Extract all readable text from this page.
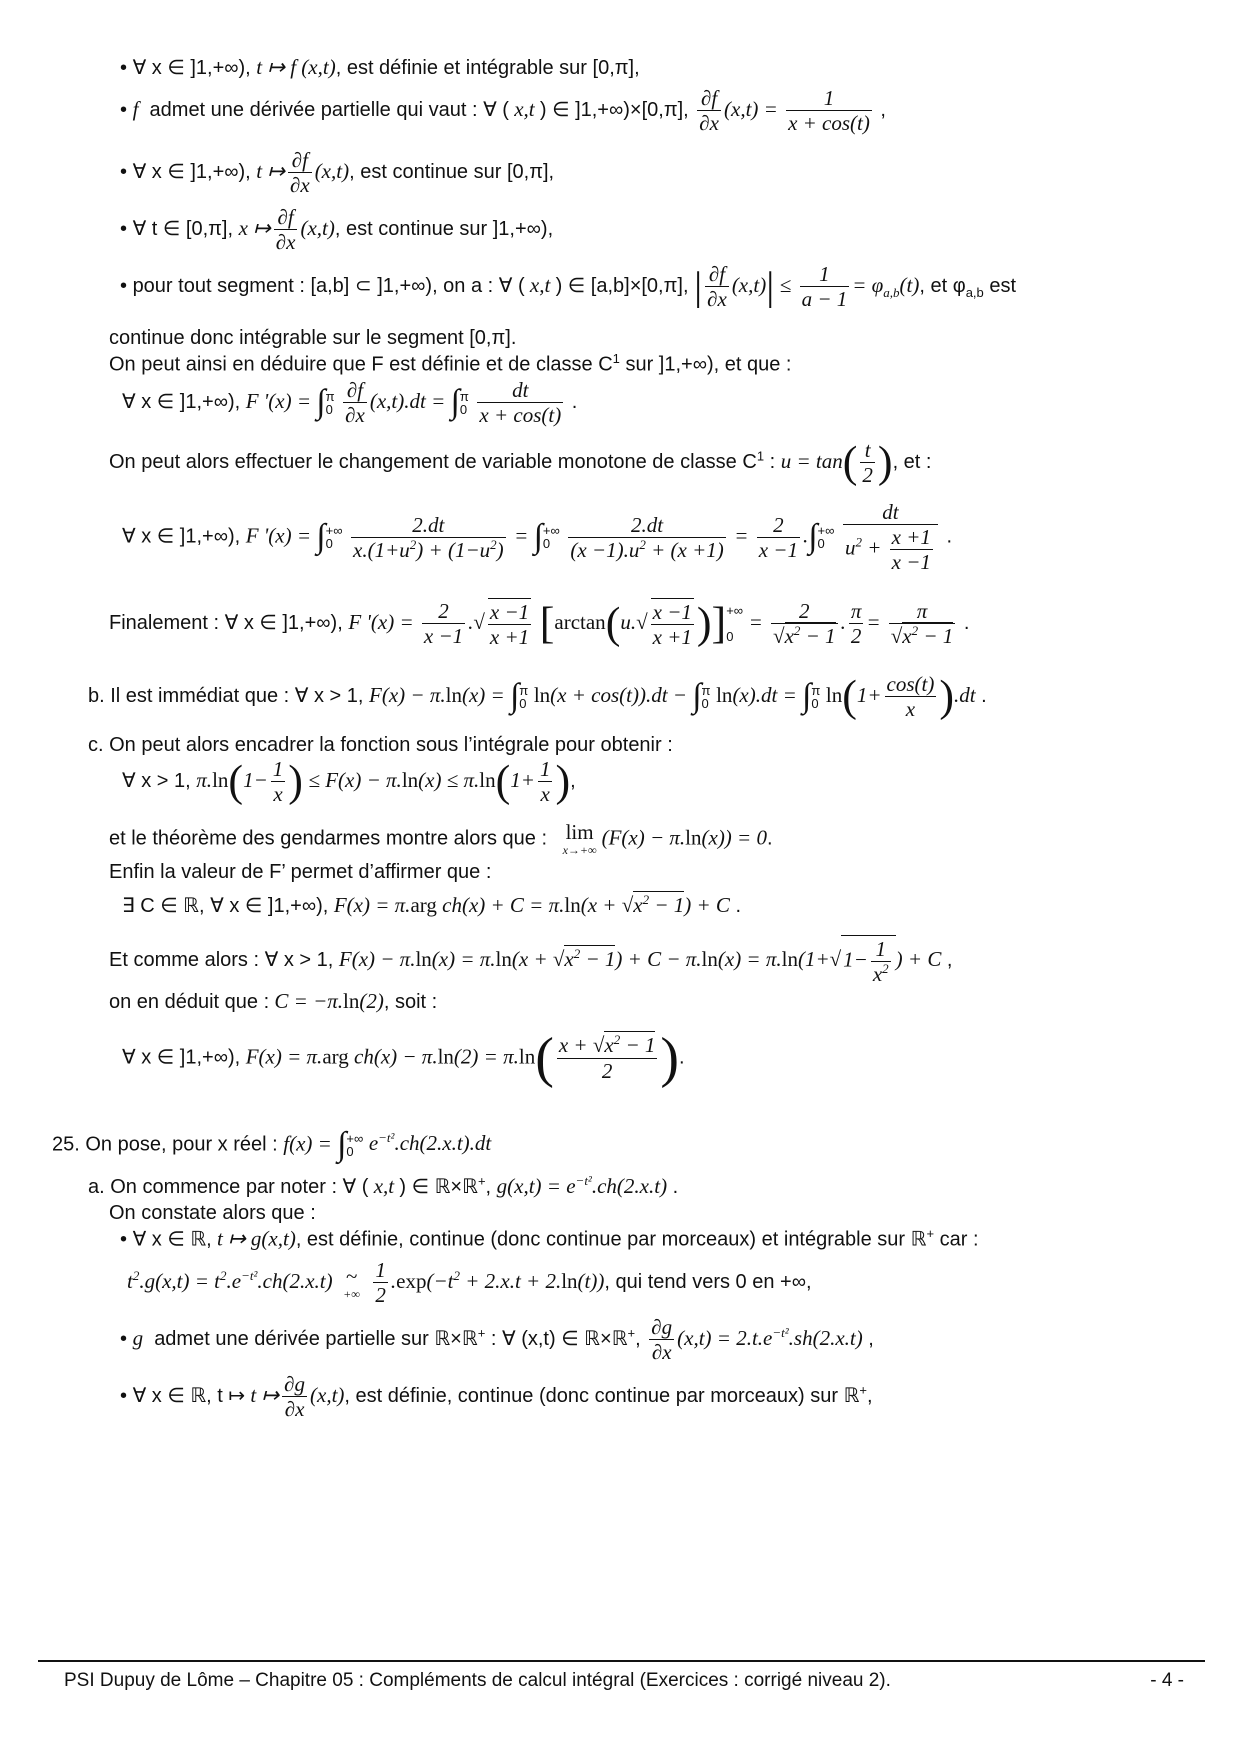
• ∀ x ∈ ]1,+∞), t ↦ f (x,t), est définie et intégrable sur [0,π],
• f admet une dérivée partielle qui vaut : ∀ ( x,t ) ∈ ]1,+∞)×[0,π], $\frac{\partial f}{\partial x} (x,t) = \frac{1}{x + \cos(t)}$ ,
• ∀ x ∈ ]1,+∞), t ↦ $\frac{\partial f}{\partial x} (x,t)$, est continue sur [0,π],
• ∀ t ∈ [0,π], x ↦ $\frac{\partial f}{\partial x} (x,t)$, est continue sur ]1,+∞),
• pour tout segment : [a,b] ⊂ ]1,+∞), on a : ∀ ( x,t ) ∈ [a,b]×[0,π], | $\frac{\partial f}{\partial x} (x,t)| \le \frac{1}{a - 1} = \varphi_{a,b}(t)$, et $\varphi_{a,b}$ est
continue donc intégrable sur le segment [0,π].
On peut ainsi en déduire que F est définie et de classe $C^1$ sur ]1,+∞), et que :
∀ x ∈ ]1,+∞), F '(x) = ∫ π
0
$\frac{\partial f}{\partial x} (x,t).dt$ = ∫ π
0
$\frac{dt}{x + \cos(t)}$ .
On peut alors effectuer le changement de variable monotone de classe $C^1$ : $u = \tan( \frac{t}{2}$ ), et :
∀ x ∈ ]1,+∞), F '(x) = ∫ +∞
0
$\frac{2.dt}{x.(1+u^2) + (1-u^2)}$ = ∫ +∞
0
$\frac{2.dt}{(x -1).u^2 + (x +1)} = \frac{2}{x -1}$ .∫ +∞
0
$\frac{dt}{u^2 + \frac{x +1}{x -1}}$ .
Finalement : ∀ x ∈ ]1,+∞), F '$(x) = \frac{2}{x -1}$ .√ $\frac{x -1}{x +1} [\arctan(u.√ \frac{x -1}{x +1}$ )] +∞

0
= $\frac{2}{√x^2 - 1}$ . $\frac{\pi}{2} = \frac{\pi}{√x^2 - 1}$ .
b. Il est immédiat que : ∀ x > 1, F(x) − π.ln(x) = ∫ π
0 ln(x + cos(t)).dt − ∫ π
0 ln(x).dt = ∫ π
0 $\ln(1+ \frac{\cos(t)}{x} ).dt$ .
c. On peut alors encadrer la fonction sous l’intégrale pour obtenir :
∀ x > 1, $\pi.\ln(1- \frac{1}{x}$ ) ≤ $F(x) - \pi.\ln(x) \le \pi.\ln(1+ \frac{1}{x}$ ),
et le théorème des gendarmes montre alors que : lim
x→+∞
(F(x) − π.ln(x)) = 0.
Enfin la valeur de F’ permet d’affirmer que :
∃ C ∈ ℝ, ∀ x ∈ ]1,+∞), F(x) = π.arg $ch(x) + C = \pi.\ln(x + √x^2 - 1) + C$ .
Et comme alors : ∀ x > 1, $F(x) - \pi.\ln(x) = \pi.\ln(x + √x^2 - 1) + C - \pi.\ln(x) = \pi.\ln(1+√$ $1- \frac{1}{x^2}$ ) + C ,
on en déduit que : C = −π.ln(2), soit :
∀ x ∈ ]1,+∞), F(x) = π.arg $ch(x) - \pi.\ln(2) = \pi.\ln( \frac{x + √x^2 - 1}{2}$ ).
25. On pose, pour x réel : f(x) = ∫ +∞
0 $e^{-t^2}.ch(2.x.t).dt$
a. On commence par noter : ∀ ( x,t ) ∈ ℝ×ℝ+, $g(x,t) = e^{-t^2}.ch(2.x.t)$ .
On constate alors que :
• ∀ x ∈ ℝ, t ↦ g(x,t), est définie, continue (donc continue par morceaux) et intégrable sur ℝ+ car :
$t^2.g(x,t) = t^2.e^{-t^2}.ch(2.x.t)$ ~
+∞
$\frac{1}{2} .\exp(-t^2 + 2.x.t + 2.\ln(t))$, qui tend vers 0 en +∞,
• g admet une dérivée partielle sur ℝ×ℝ+ : ∀ (x,t) ∈ ℝ×ℝ+, $\frac{\partial g}{\partial x} (x,t) = 2.t.e^{-t^2}.sh(2.x.t)$ ,
• ∀ x ∈ ℝ, t ↦ t ↦ $\frac{\partial g}{\partial x} (x,t)$, est définie, continue (donc continue par morceaux) sur ℝ+,
PSI Dupuy de Lôme – Chapitre 05 : Compléments de calcul intégral (Exercices : corrigé niveau 2).	- 4 -
